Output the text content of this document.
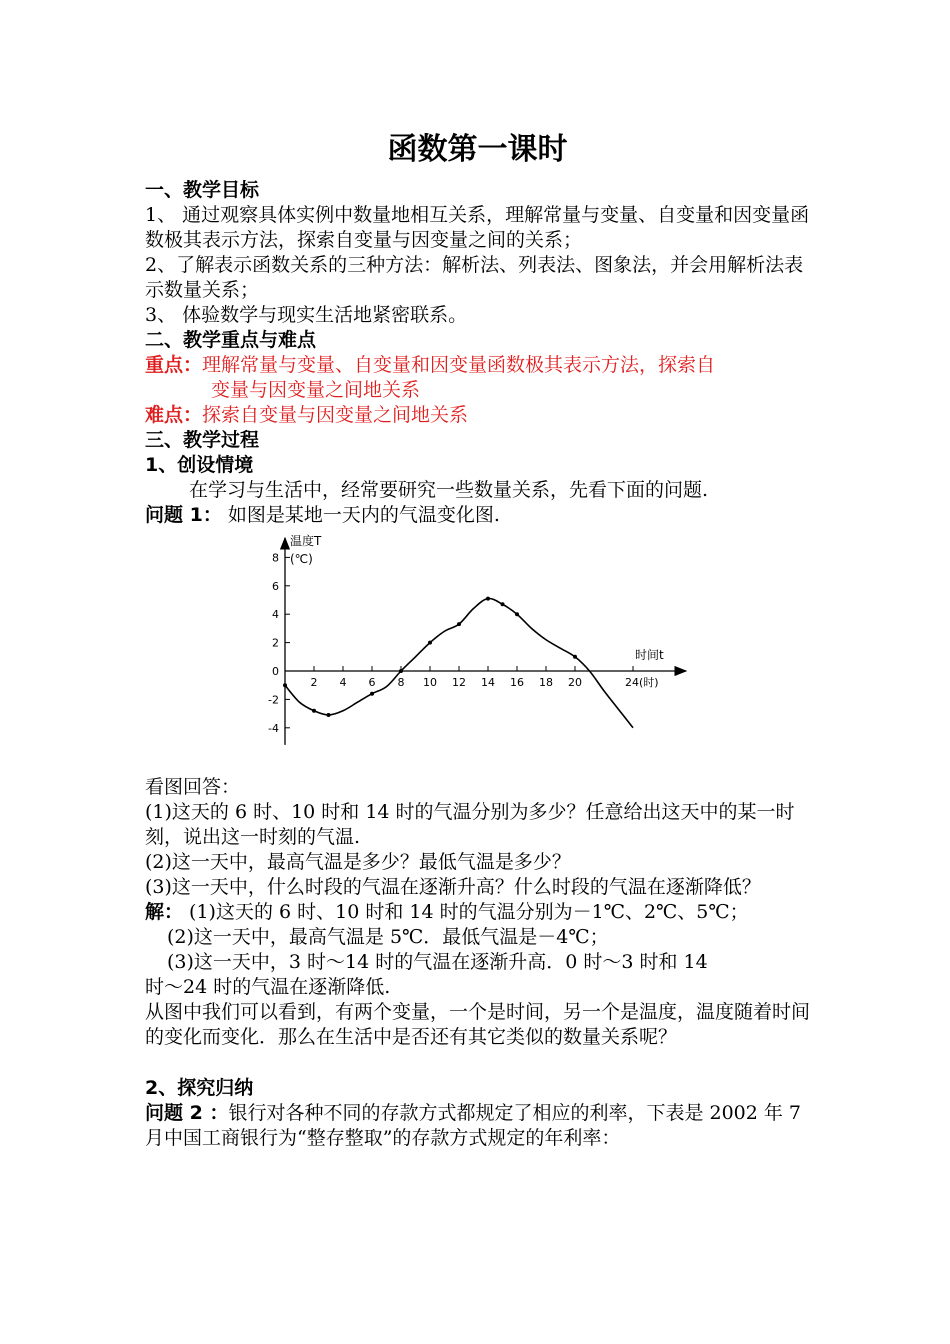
函数第一课时

一、教学目标

1、 通过观察具体实例中数量地相互关系，理解常量与变量、自变量和因变量函数极其表示方法，探索自变量与因变量之间的关系；

2、了解表示函数关系的三种方法：解析法、列表法、图象法，并会用解析法表示数量关系；

3、 体验数学与现实生活地紧密联系。

二、教学重点与难点

重点：理解常量与变量、自变量和因变量函数极其表示方法，探索自

变量与因变量之间地关系

难点：探索自变量与因变量之间地关系

三、教学过程

1、创设情境

在学习与生活中，经常要研究一些数量关系，先看下面的问题.

问题 1： 如图是某地一天内的气温变化图.

8
6
4
2
0
-2
-4
2 4 6 8 10 12 14 16 18 20	24(时)
温度T
(℃)
时间t

看图回答：

(1)这天的 6 时、10 时和 14 时的气温分别为多少？任意给出这天中的某一时刻，说出这一时刻的气温.

(2)这一天中，最高气温是多少？最低气温是多少？

(3)这一天中，什么时段的气温在逐渐升高？什么时段的气温在逐渐降低？

解： (1)这天的 6 时、10 时和 14 时的气温分别为－1℃、2℃、5℃；

(2)这一天中，最高气温是 5℃．最低气温是－4℃；

(3)这一天中，3 时～14 时的气温在逐渐升高．0 时～3 时和 14

时～24 时的气温在逐渐降低.

从图中我们可以看到，有两个变量，一个是时间，另一个是温度，温度随着时间的变化而变化．那么在生活中是否还有其它类似的数量关系呢？

2、探究归纳

问题 2 ：银行对各种不同的存款方式都规定了相应的利率，下表是 2002 年 7 月中国工商银行为“整存整取”的存款方式规定的年利率：
